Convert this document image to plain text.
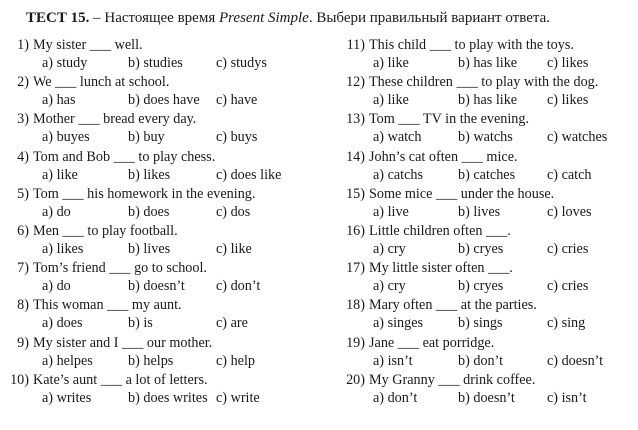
ТЕСТ 15. – Настоящее время Present Simple. Выбери правильный вариант ответа.
1) My sister ___ well.
a) study	b) studies c) studys
2) We ___ lunch at school.
a) has	b) does have c) have
3) Mother ___ bread every day.
a) buyes	b) buy	c) buys
4) Tom and Bob ___ to play chess.
a) like	b) likes	c) does like
5) Tom ___ his homework in the evening.
a) do	b) does	c) dos
6) Men ___ to play football.
a) likes	b) lives	c) like
7) Tom’s friend ___ go to school.
a) do	b) doesn’t c) don’t
8) This woman ___ my aunt.
a) does	b) is	c) are
9) My sister and I ___ our mother.
a) helpes b) helps	c) help
10) Kate’s aunt ___ a lot of letters.
a) writes	b) does writes c) write
11) This child ___ to play with the toys.
a) like	b) has like c) likes
12) These children ___ to play with the dog.
a) like	b) has like c) likes
13) Tom ___ TV in the evening.
a) watch	b) watchs c) watches
14) John’s cat often ___ mice.
a) catchs b) catches c) catch
15) Some mice ___ under the house.
a) live	b) lives	c) loves
16) Little children often ___.
a) cry	b) cryes	c) cries
17) My little sister often ___.
a) cry	b) cryes	c) cries
18) Mary often ___ at the parties.
a) singes b) sings	c) sing
19) Jane ___ eat porridge.
a) isn’t	b) don’t	c) doesn’t
20) My Granny ___ drink coffee.
a) don’t	b) doesn’t c) isn’t
